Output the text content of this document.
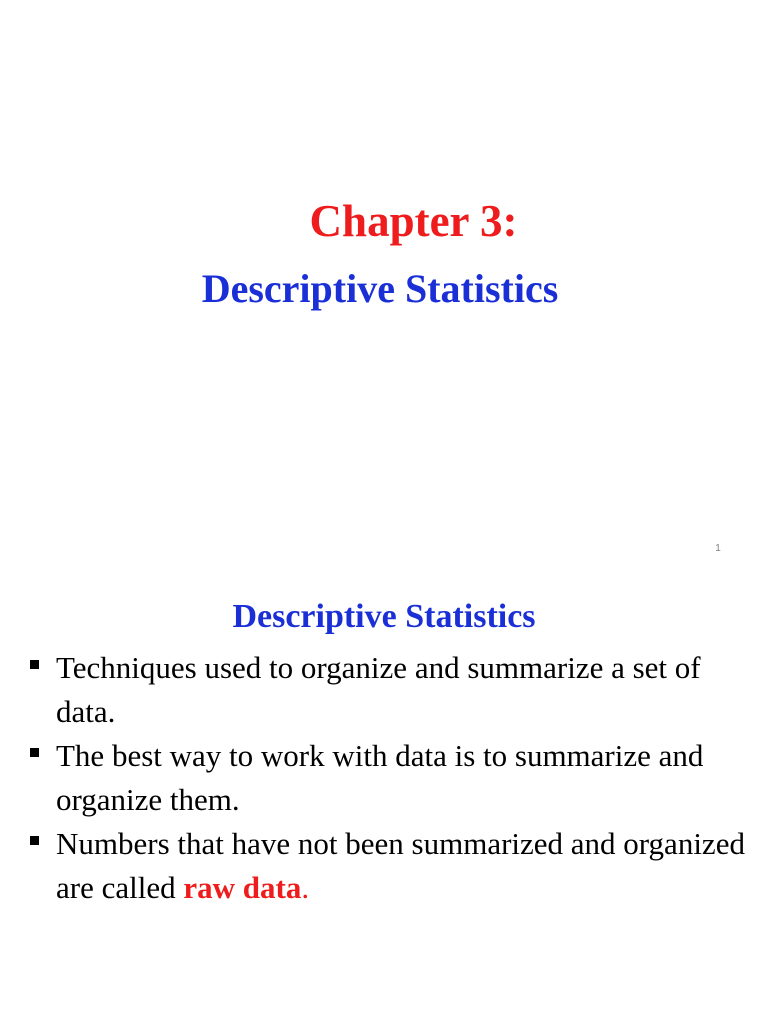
Chapter 3:
Descriptive Statistics
1
Descriptive Statistics
Techniques used to organize and summarize a set of data.
The best way to work with data is to summarize and organize them.
Numbers that have not been summarized and organized are called raw data.
